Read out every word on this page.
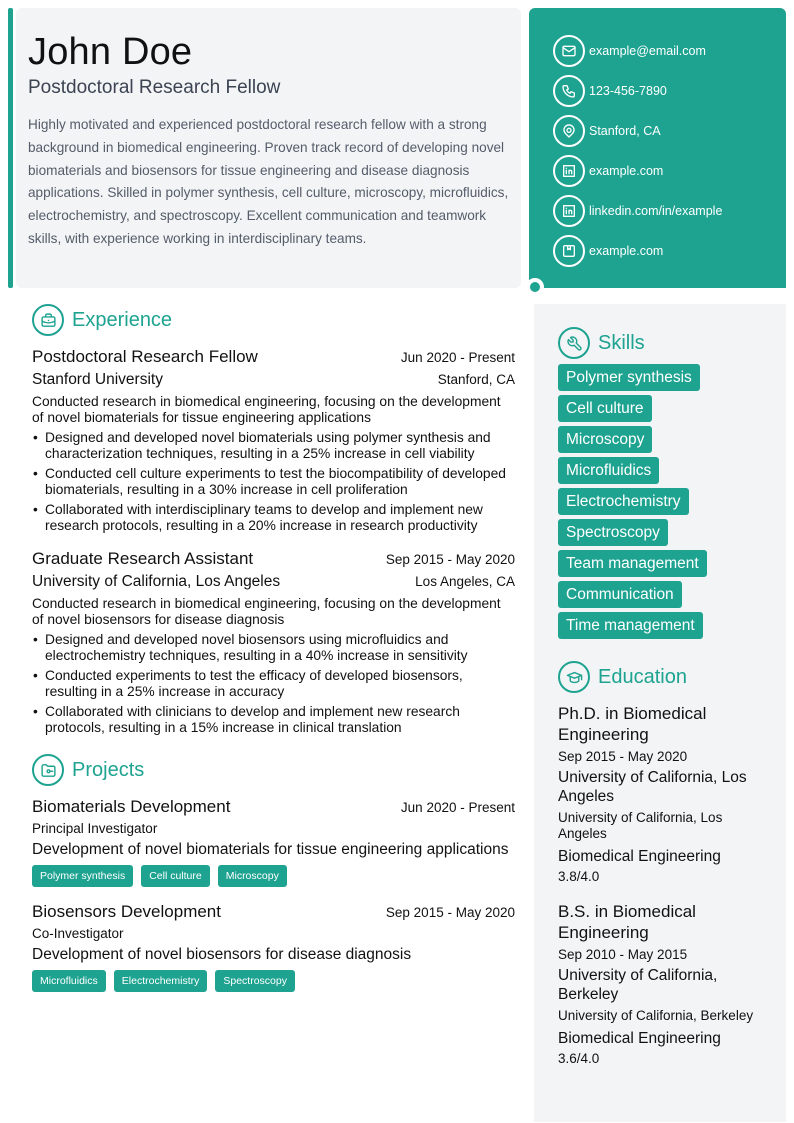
John Doe
Postdoctoral Research Fellow
Highly motivated and experienced postdoctoral research fellow with a strong background in biomedical engineering. Proven track record of developing novel biomaterials and biosensors for tissue engineering and disease diagnosis applications. Skilled in polymer synthesis, cell culture, microscopy, microfluidics, electrochemistry, and spectroscopy. Excellent communication and teamwork skills, with experience working in interdisciplinary teams.
example@email.com
123-456-7890
Stanford, CA
example.com
linkedin.com/in/example
example.com
Experience
Postdoctoral Research Fellow	Jun 2020 - Present
Stanford University	Stanford, CA
Conducted research in biomedical engineering, focusing on the development of novel biomaterials for tissue engineering applications
• Designed and developed novel biomaterials using polymer synthesis and characterization techniques, resulting in a 25% increase in cell viability
• Conducted cell culture experiments to test the biocompatibility of developed biomaterials, resulting in a 30% increase in cell proliferation
• Collaborated with interdisciplinary teams to develop and implement new research protocols, resulting in a 20% increase in research productivity
Graduate Research Assistant	Sep 2015 - May 2020
University of California, Los Angeles	Los Angeles, CA
Conducted research in biomedical engineering, focusing on the development of novel biosensors for disease diagnosis
• Designed and developed novel biosensors using microfluidics and electrochemistry techniques, resulting in a 40% increase in sensitivity
• Conducted experiments to test the efficacy of developed biosensors, resulting in a 25% increase in accuracy
• Collaborated with clinicians to develop and implement new research protocols, resulting in a 15% increase in clinical translation
Projects
Biomaterials Development	Jun 2020 - Present
Principal Investigator
Development of novel biomaterials for tissue engineering applications
Polymer synthesis	Cell culture	Microscopy
Biosensors Development	Sep 2015 - May 2020
Co-Investigator
Development of novel biosensors for disease diagnosis
Microfluidics	Electrochemistry	Spectroscopy
Skills
Polymer synthesis
Cell culture
Microscopy
Microfluidics
Electrochemistry
Spectroscopy
Team management
Communication
Time management
Education
Ph.D. in Biomedical Engineering
Sep 2015 - May 2020
University of California, Los Angeles
University of California, Los Angeles
Biomedical Engineering
3.8/4.0
B.S. in Biomedical Engineering
Sep 2010 - May 2015
University of California, Berkeley
University of California, Berkeley
Biomedical Engineering
3.6/4.0
